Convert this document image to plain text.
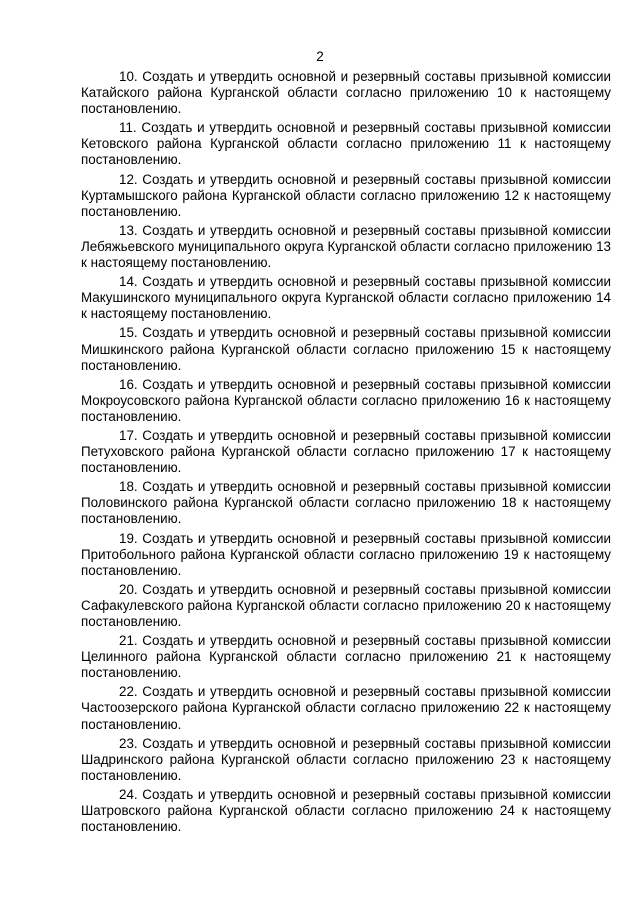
2

10. Создать и утвердить основной и резервный составы призывной комиссии Катайского района Курганской области согласно приложению 10 к настоящему постановлению.

11. Создать и утвердить основной и резервный составы призывной комиссии Кетовского района Курганской области согласно приложению 11 к настоящему постановлению.

12. Создать и утвердить основной и резервный составы призывной комиссии Куртамышского района Курганской области согласно приложению 12 к настоящему постановлению.

13. Создать и утвердить основной и резервный составы призывной комиссии Лебяжьевского муниципального округа Курганской области согласно приложению 13 к настоящему постановлению.

14. Создать и утвердить основной и резервный составы призывной комиссии Макушинского муниципального округа Курганской области согласно приложению 14 к настоящему постановлению.

15. Создать и утвердить основной и резервный составы призывной комиссии Мишкинского района Курганской области согласно приложению 15 к настоящему постановлению.

16. Создать и утвердить основной и резервный составы призывной комиссии Мокроусовского района Курганской области согласно приложению 16 к настоящему постановлению.

17. Создать и утвердить основной и резервный составы призывной комиссии Петуховского района Курганской области согласно приложению 17 к настоящему постановлению.

18. Создать и утвердить основной и резервный составы призывной комиссии Половинского района Курганской области согласно приложению 18 к настоящему постановлению.

19. Создать и утвердить основной и резервный составы призывной комиссии Притобольного района Курганской области согласно приложению 19 к настоящему постановлению.

20. Создать и утвердить основной и резервный составы призывной комиссии Сафакулевского района Курганской области согласно приложению 20 к настоящему постановлению.

21. Создать и утвердить основной и резервный составы призывной комиссии Целинного района Курганской области согласно приложению 21 к настоящему постановлению.

22. Создать и утвердить основной и резервный составы призывной комиссии Частоозерского района Курганской области согласно приложению 22 к настоящему постановлению.

23. Создать и утвердить основной и резервный составы призывной комиссии Шадринского района Курганской области согласно приложению 23 к настоящему постановлению.

24. Создать и утвердить основной и резервный составы призывной комиссии Шатровского района Курганской области согласно приложению 24 к настоящему постановлению.
